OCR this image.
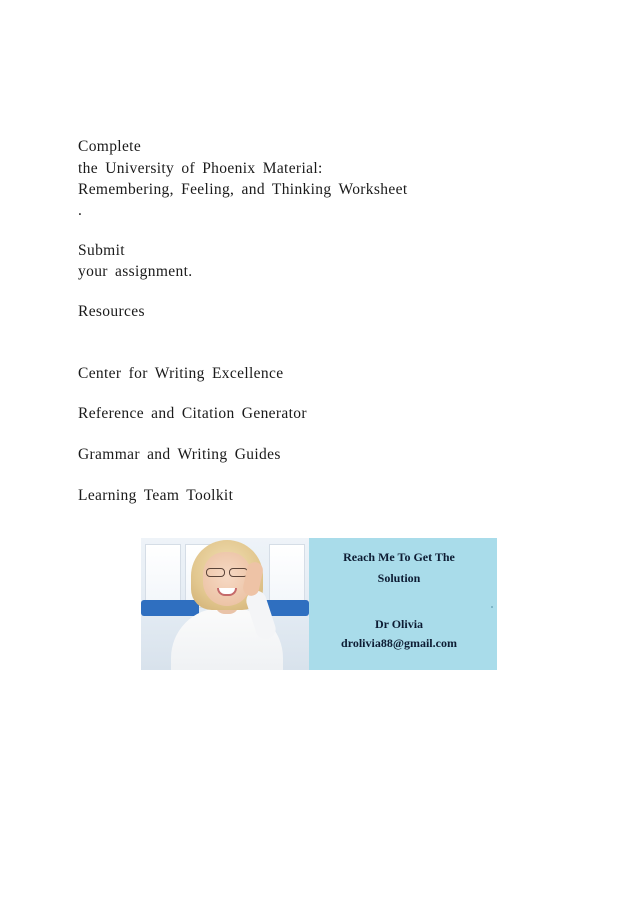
Complete
the University of Phoenix Material:
Remembering, Feeling, and Thinking Worksheet
.
Submit
your assignment.
Resources
Center for Writing Excellence
Reference and Citation Generator
Grammar and Writing Guides
Learning Team Toolkit
Reach Me To Get The
Solution
Dr Olivia
drolivia88@gmail.com
